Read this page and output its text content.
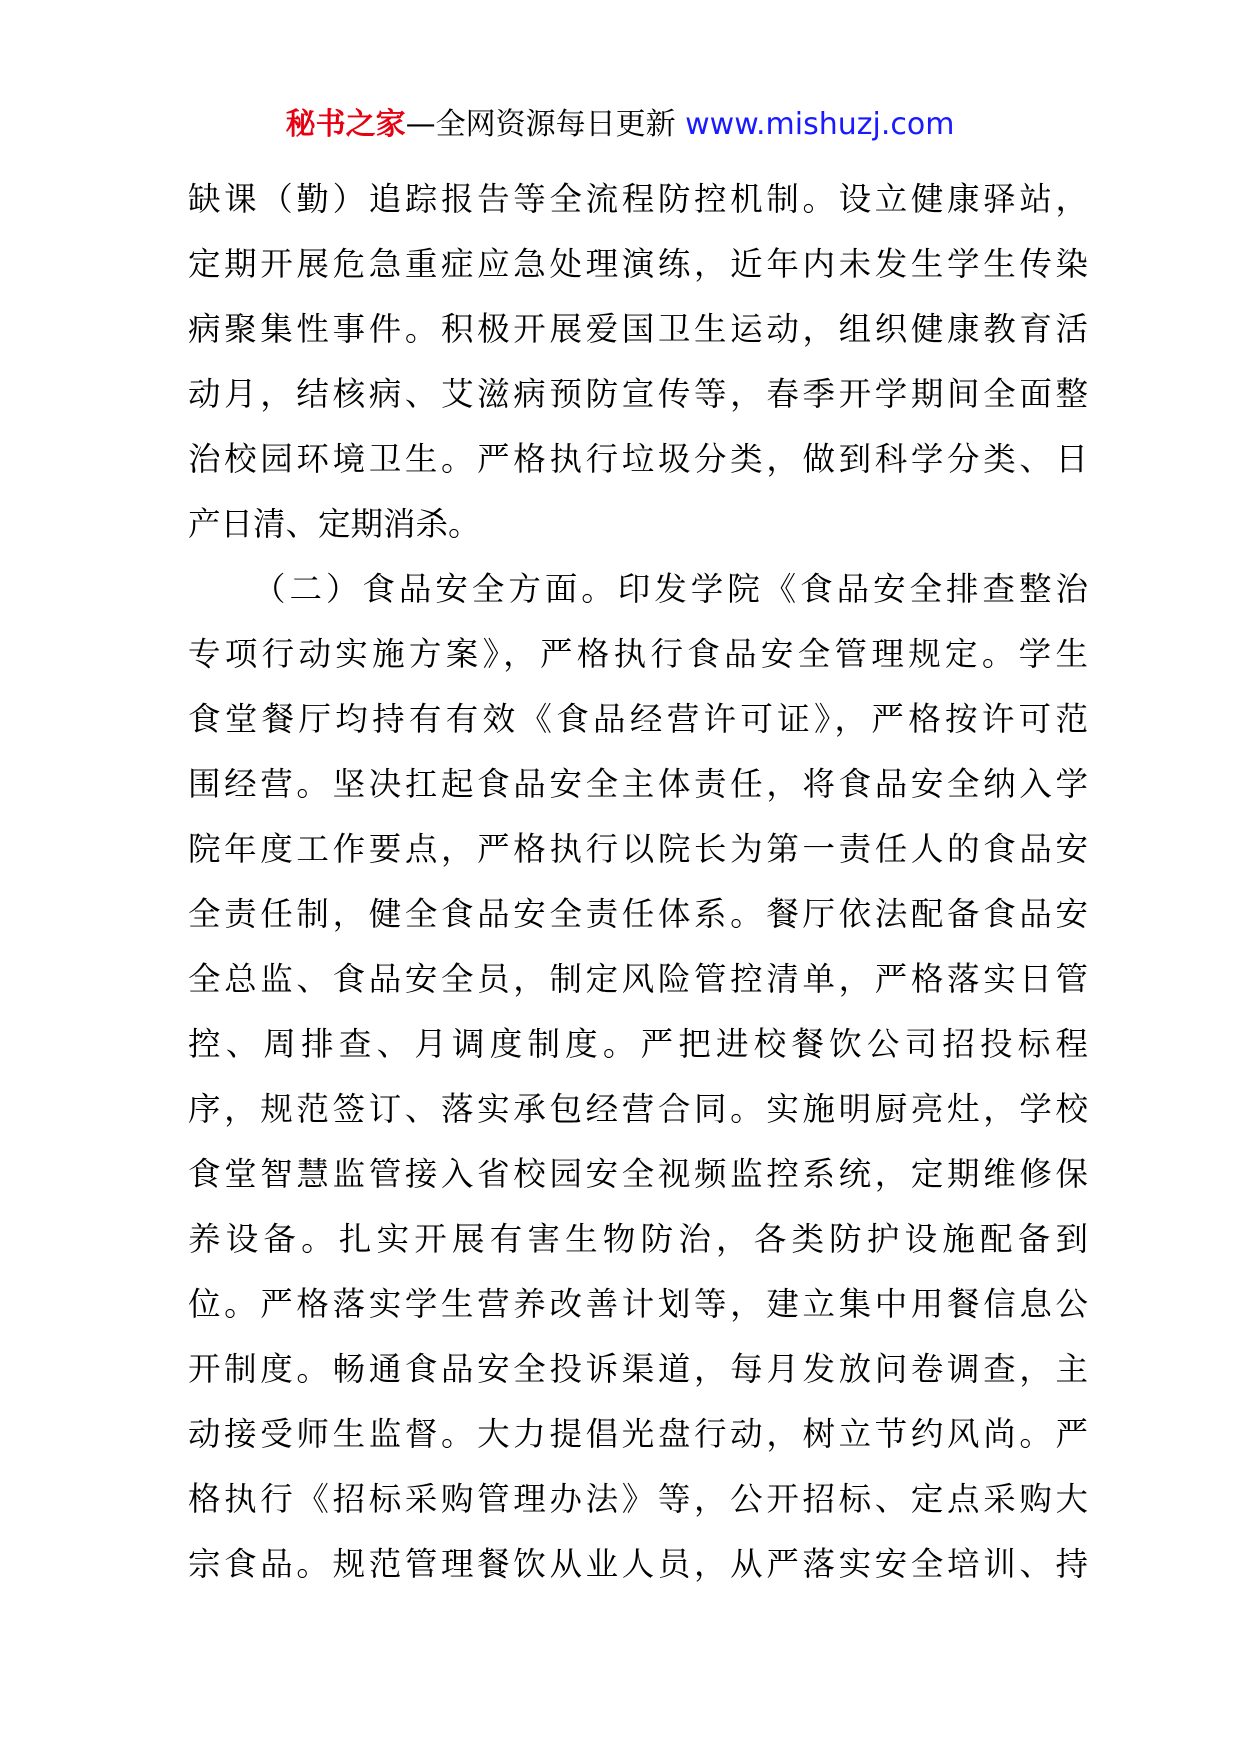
秘书之家—全网资源每日更新 www.mishuzj.com
缺课（勤）追踪报告等全流程防控机制。设立健康驿站，
定期开展危急重症应急处理演练，近年内未发生学生传染
病聚集性事件。积极开展爱国卫生运动，组织健康教育活
动月，结核病、艾滋病预防宣传等，春季开学期间全面整
治校园环境卫生。严格执行垃圾分类，做到科学分类、日
产日清、定期消杀。
（二）食品安全方面。印发学院《食品安全排查整治
专项行动实施方案》，严格执行食品安全管理规定。学生
食堂餐厅均持有有效《食品经营许可证》，严格按许可范
围经营。坚决扛起食品安全主体责任，将食品安全纳入学
院年度工作要点，严格执行以院长为第一责任人的食品安
全责任制，健全食品安全责任体系。餐厅依法配备食品安
全总监、食品安全员，制定风险管控清单，严格落实日管
控、周排查、月调度制度。严把进校餐饮公司招投标程
序，规范签订、落实承包经营合同。实施明厨亮灶，学校
食堂智慧监管接入省校园安全视频监控系统，定期维修保
养设备。扎实开展有害生物防治，各类防护设施配备到
位。严格落实学生营养改善计划等，建立集中用餐信息公
开制度。畅通食品安全投诉渠道，每月发放问卷调查，主
动接受师生监督。大力提倡光盘行动，树立节约风尚。严
格执行《招标采购管理办法》等，公开招标、定点采购大
宗食品。规范管理餐饮从业人员，从严落实安全培训、持
